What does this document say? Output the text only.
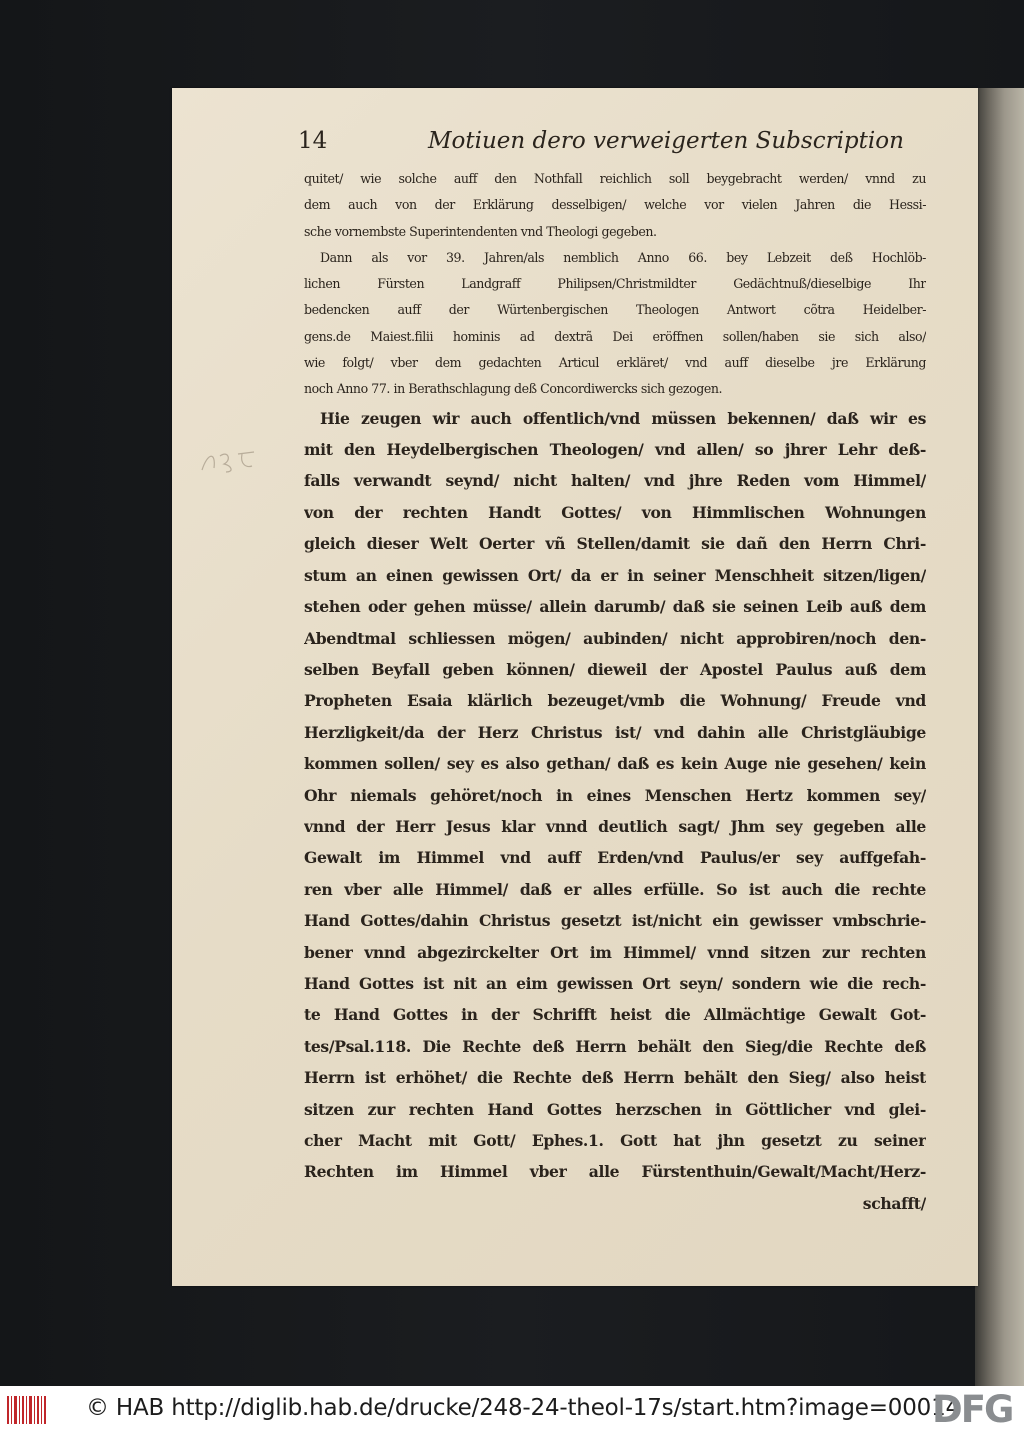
14	Motiuen dero verweigerten Subscription
quitet/ wie solche auff den Nothfall reichlich soll beygebracht werden/ vnnd zu
dem auch von der Erklärung desselbigen/ welche vor vielen Jahren die Hessi-
sche vornembste Superintendenten vnd Theologi gegeben.
Dann als vor 39. Jahren/als nemblich Anno 66. bey Lebzeit deß Hochlöb-
lichen Fürsten Landgraff Philipsen/Christmildter Gedächtnuß/dieselbige Ihr
bedencken auff der Würtenbergischen Theologen Antwort cõtra Heidelber-
gens.de Maiest.filii hominis ad dextrã Dei eröffnen sollen/haben sie sich also/
wie folgt/ vber dem gedachten Articul erkläret/ vnd auff dieselbe jre Erklärung
noch Anno 77. in Berathschlagung deß Concordiwercks sich gezogen.
Hie zeugen wir auch offentlich/vnd müssen bekennen/ daß wir es
mit den Heydelbergischen Theologen/ vnd allen/ so jhrer Lehr deß-
falls verwandt seynd/ nicht halten/ vnd jhre Reden vom Himmel/
von der rechten Handt Gottes/ von Himmlischen Wohnungen
gleich dieser Welt Oerter vñ Stellen/damit sie dañ den Herrn Chri-
stum an einen gewissen Ort/ da er in seiner Menschheit sitzen/ligen/
stehen oder gehen müsse/ allein darumb/ daß sie seinen Leib auß dem
Abendtmal schliessen mögen/ aubinden/ nicht approbiren/noch den-
selben Beyfall geben können/ dieweil der Apostel Paulus auß dem
Propheten Esaia klärlich bezeuget/vmb die Wohnung/ Freude vnd
Herzligkeit/da der Herz Christus ist/ vnd dahin alle Christgläubige
kommen sollen/ sey es also gethan/ daß es kein Auge nie gesehen/ kein
Ohr niemals gehöret/noch in eines Menschen Hertz kommen sey/
vnnd der Herr Jesus klar vnnd deutlich sagt/ Jhm sey gegeben alle
Gewalt im Himmel vnd auff Erden/vnd Paulus/er sey auffgefah-
ren vber alle Himmel/ daß er alles erfülle. So ist auch die rechte
Hand Gottes/dahin Christus gesetzt ist/nicht ein gewisser vmbschrie-
bener vnnd abgezirckelter Ort im Himmel/ vnnd sitzen zur rechten
Hand Gottes ist nit an eim gewissen Ort seyn/ sondern wie die rech-
te Hand Gottes in der Schrifft heist die Allmächtige Gewalt Got-
tes/Psal.118. Die Rechte deß Herrn behält den Sieg/die Rechte deß
Herrn ist erhöhet/ die Rechte deß Herrn behält den Sieg/ also heist
sitzen zur rechten Hand Gottes herzschen in Göttlicher vnd glei-
cher Macht mit Gott/ Ephes.1. Gott hat jhn gesetzt zu seiner
Rechten im Himmel vber alle Fürstenthuin/Gewalt/Macht/Herz-
schafft/
© HAB http://diglib.hab.de/drucke/248-24-theol-17s/start.htm?image=00014
DFG
